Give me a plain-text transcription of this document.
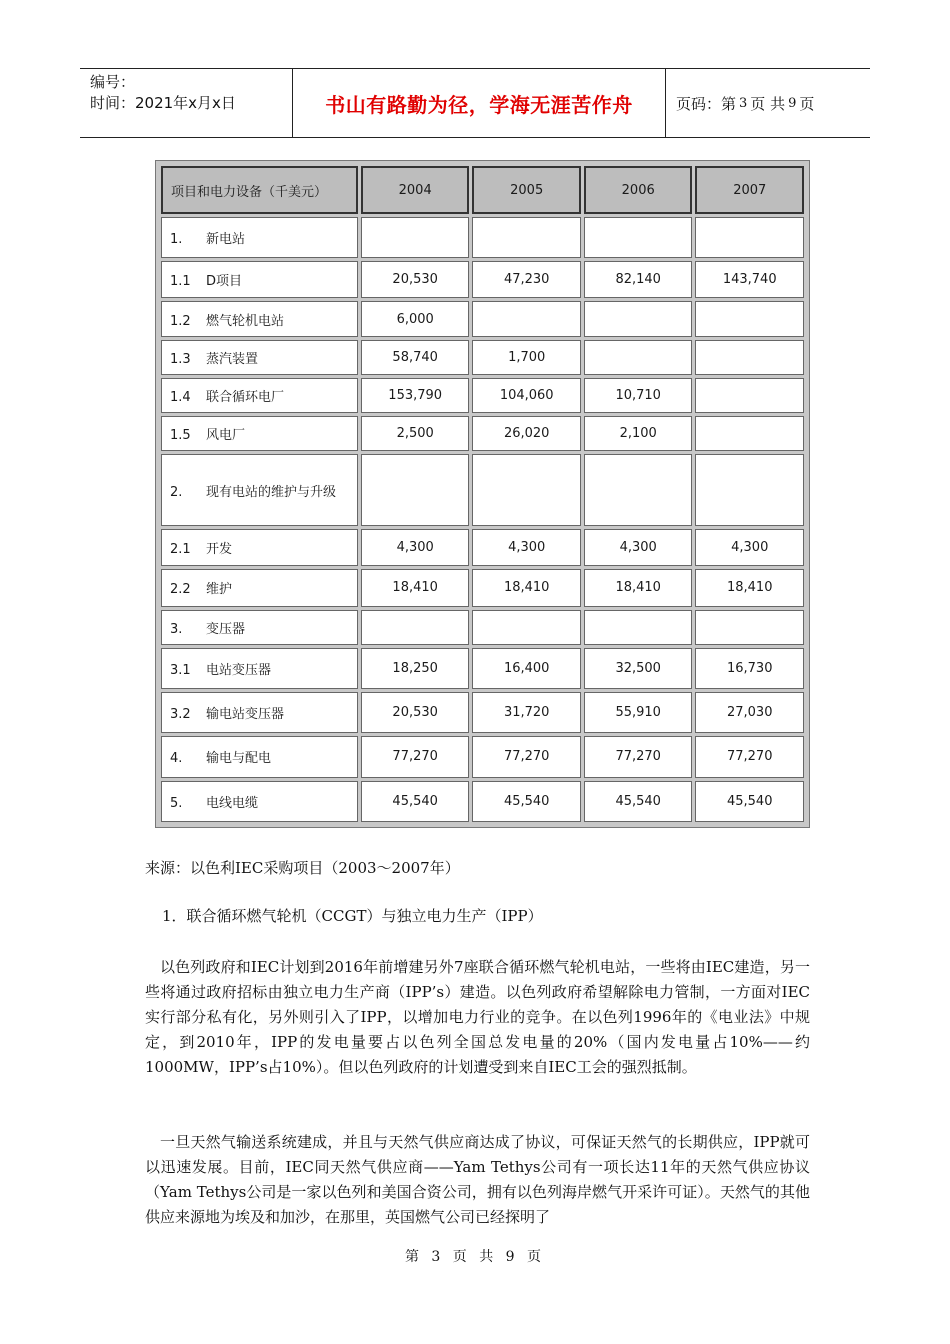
编号：
时间：2021年x月x日	书山有路勤为径，学海无涯苦作舟	页码：第 3 页 共 9 页
项目和电力设备（千美元）	2004	2005	2006	2007
1. 新电站				
1.1 D项目	20,530	47,230	82,140	143,740
1.2 燃气轮机电站	6,000			
1.3 蒸汽装置	58,740	1,700		
1.4 联合循环电厂	153,790	104,060	10,710	
1.5 风电厂	2,500	26,020	2,100	
2. 现有电站的维护与升级				
2.1 开发	4,300	4,300	4,300	4,300
2.2 维护	18,410	18,410	18,410	18,410
3. 变压器				
3.1 电站变压器	18,250	16,400	32,500	16,730
3.2 输电站变压器	20,530	31,720	55,910	27,030
4. 输电与配电	77,270	77,270	77,270	77,270
5. 电线电缆	45,540	45,540	45,540	45,540
来源：以色利IEC采购项目（2003～2007年）
1．联合循环燃气轮机（CCGT）与独立电力生产（IPP）

以色列政府和IEC计划到2016年前增建另外7座联合循环燃气轮机电站，一些将由IEC建造，另一些将通过政府招标由独立电力生产商（IPP’s）建造。以色列政府希望解除电力管制，一方面对IEC实行部分私有化，另外则引入了IPP，以增加电力行业的竞争。在以色列1996年的《电业法》中规定，到2010年，IPP的发电量要占以色列全国总发电量的20%（国内发电量占10%——约1000MW，IPP’s占10%）。但以色列政府的计划遭受到来自IEC工会的强烈抵制。

一旦天然气输送系统建成，并且与天然气供应商达成了协议，可保证天然气的长期供应，IPP就可以迅速发展。目前，IEC同天然气供应商——Yam Tethys公司有一项长达11年的天然气供应协议（Yam Tethys公司是一家以色列和美国合资公司，拥有以色列海岸燃气开采许可证）。天然气的其他供应来源地为埃及和加沙，在那里，英国燃气公司已经探明了

第 3 页 共 9 页
